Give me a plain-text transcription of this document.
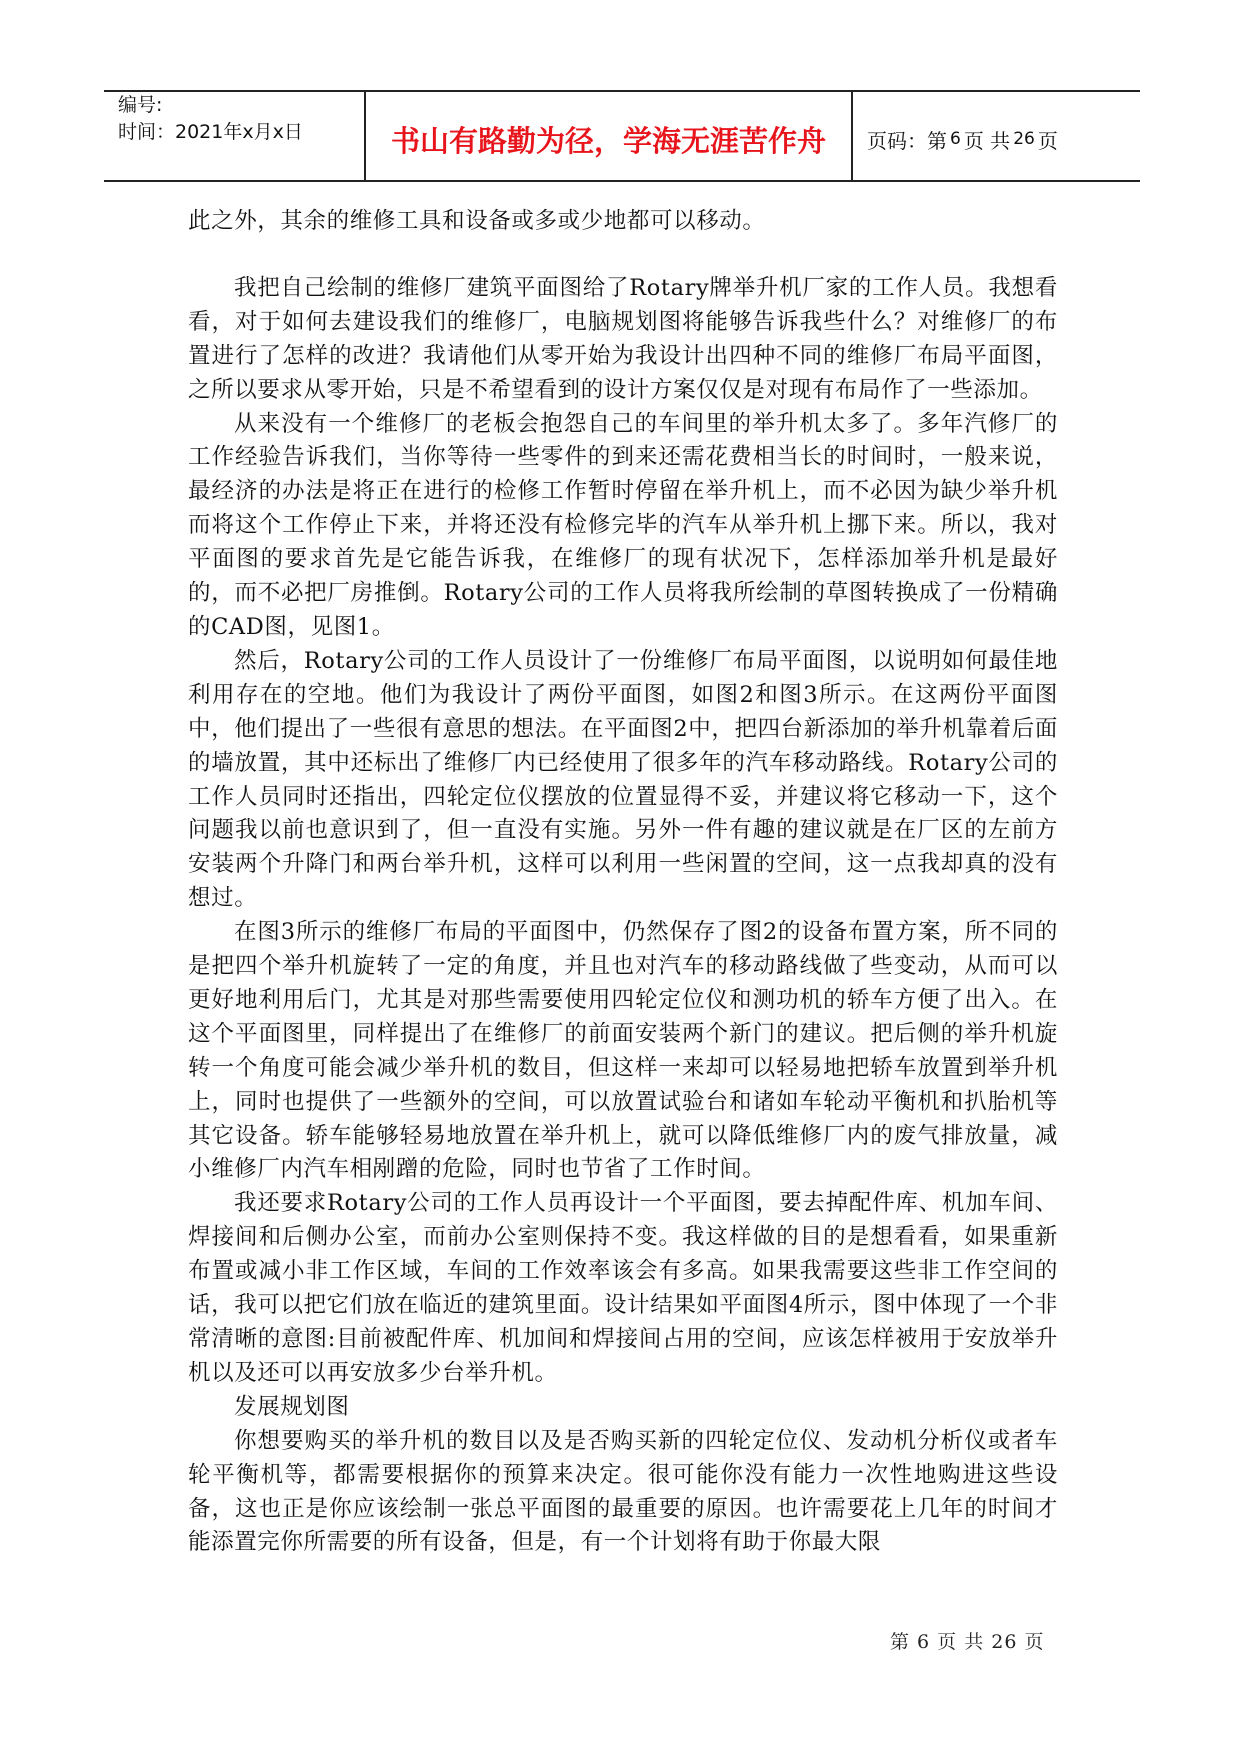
编号:
时间：2021年x月x日	书山有路勤为径，学海无涯苦作舟	页码：第 6 页 共 26 页

此之外，其余的维修工具和设备或多或少地都可以移动。

我把自己绘制的维修厂建筑平面图给了Rotary牌举升机厂家的工作人员。我想看看，对于如何去建设我们的维修厂，电脑规划图将能够告诉我些什么？对维修厂的布置进行了怎样的改进？我请他们从零开始为我设计出四种不同的维修厂布局平面图，之所以要求从零开始，只是不希望看到的设计方案仅仅是对现有布局作了一些添加。

从来没有一个维修厂的老板会抱怨自己的车间里的举升机太多了。多年汽修厂的工作经验告诉我们，当你等待一些零件的到来还需花费相当长的时间时，一般来说，最经济的办法是将正在进行的检修工作暂时停留在举升机上，而不必因为缺少举升机而将这个工作停止下来，并将还没有检修完毕的汽车从举升机上挪下来。所以，我对平面图的要求首先是它能告诉我，在维修厂的现有状况下，怎样添加举升机是最好的，而不必把厂房推倒。Rotary公司的工作人员将我所绘制的草图转换成了一份精确的CAD图，见图1。

然后，Rotary公司的工作人员设计了一份维修厂布局平面图，以说明如何最佳地利用存在的空地。他们为我设计了两份平面图，如图2和图3所示。在这两份平面图中，他们提出了一些很有意思的想法。在平面图2中，把四台新添加的举升机靠着后面的墙放置，其中还标出了维修厂内已经使用了很多年的汽车移动路线。Rotary公司的工作人员同时还指出，四轮定位仪摆放的位置显得不妥，并建议将它移动一下，这个问题我以前也意识到了，但一直没有实施。另外一件有趣的建议就是在厂区的左前方安装两个升降门和两台举升机，这样可以利用一些闲置的空间，这一点我却真的没有想过。

在图3所示的维修厂布局的平面图中，仍然保存了图2的设备布置方案，所不同的是把四个举升机旋转了一定的角度，并且也对汽车的移动路线做了些变动，从而可以更好地利用后门，尤其是对那些需要使用四轮定位仪和测功机的轿车方便了出入。在这个平面图里，同样提出了在维修厂的前面安装两个新门的建议。把后侧的举升机旋转一个角度可能会减少举升机的数目，但这样一来却可以轻易地把轿车放置到举升机上，同时也提供了一些额外的空间，可以放置试验台和诸如车轮动平衡机和扒胎机等其它设备。轿车能够轻易地放置在举升机上，就可以降低维修厂内的废气排放量，减小维修厂内汽车相剐蹭的危险，同时也节省了工作时间。

我还要求Rotary公司的工作人员再设计一个平面图，要去掉配件库、机加车间、焊接间和后侧办公室，而前办公室则保持不变。我这样做的目的是想看看，如果重新布置或减小非工作区域，车间的工作效率该会有多高。如果我需要这些非工作空间的话，我可以把它们放在临近的建筑里面。设计结果如平面图4所示，图中体现了一个非常清晰的意图:目前被配件库、机加间和焊接间占用的空间，应该怎样被用于安放举升机以及还可以再安放多少台举升机。

发展规划图

你想要购买的举升机的数目以及是否购买新的四轮定位仪、发动机分析仪或者车轮平衡机等，都需要根据你的预算来决定。很可能你没有能力一次性地购进这些设备，这也正是你应该绘制一张总平面图的最重要的原因。也许需要花上几年的时间才能添置完你所需要的所有设备，但是，有一个计划将有助于你最大限

第 6 页 共 26 页
